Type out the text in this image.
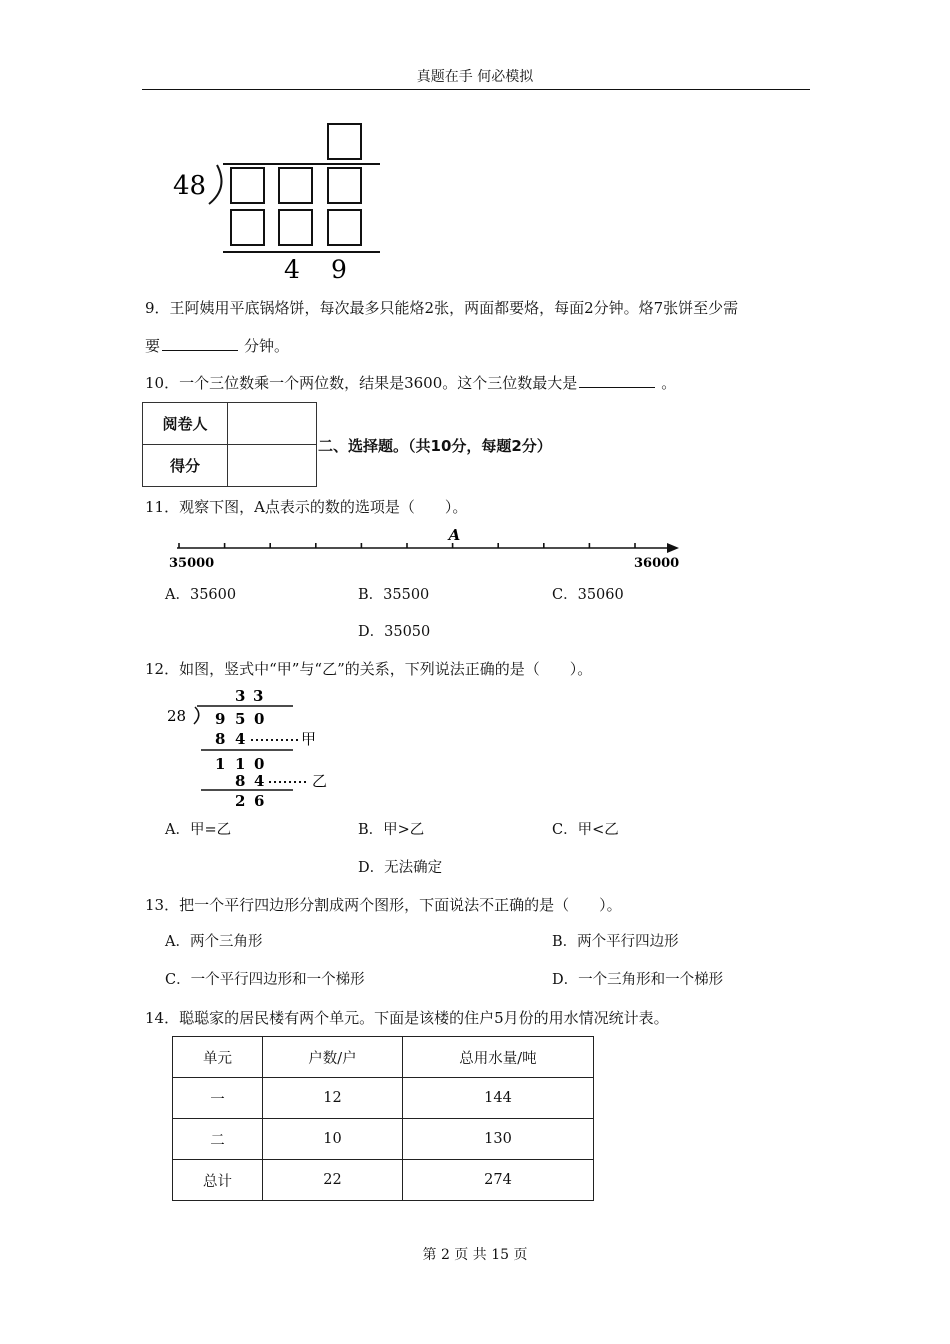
真题在手 何必模拟
48
4 9
9．王阿姨用平底锅烙饼，每次最多只能烙2张，两面都要烙，每面2分钟。烙7张饼至少需
要	分钟。
10．一个三位数乘一个两位数，结果是3600。这个三位数最大是	。
阅卷人	
得分	
二、选择题。（共10分，每题2分）
11．观察下图，A点表示的数的选项是（　　）。
35000	36000
A
A．35600	B．35500	C．35060
D．35050
12．如图，竖式中“甲”与“乙”的关系，下列说法正确的是（　　）。
3 3
28 9 5 0
8 4	甲
1 1 0
8 4	乙
2 6
A．甲=乙	B．甲>乙	C．甲<乙
D．无法确定
13．把一个平行四边形分割成两个图形，下面说法不正确的是（　　）。
A．两个三角形	B．两个平行四边形
C．一个平行四边形和一个梯形	D．一个三角形和一个梯形
14．聪聪家的居民楼有两个单元。下面是该楼的住户5月份的用水情况统计表。
单元	户数/户	总用水量/吨
一	12	144
二	10	130
总计	22	274
第 2 页 共 15 页
